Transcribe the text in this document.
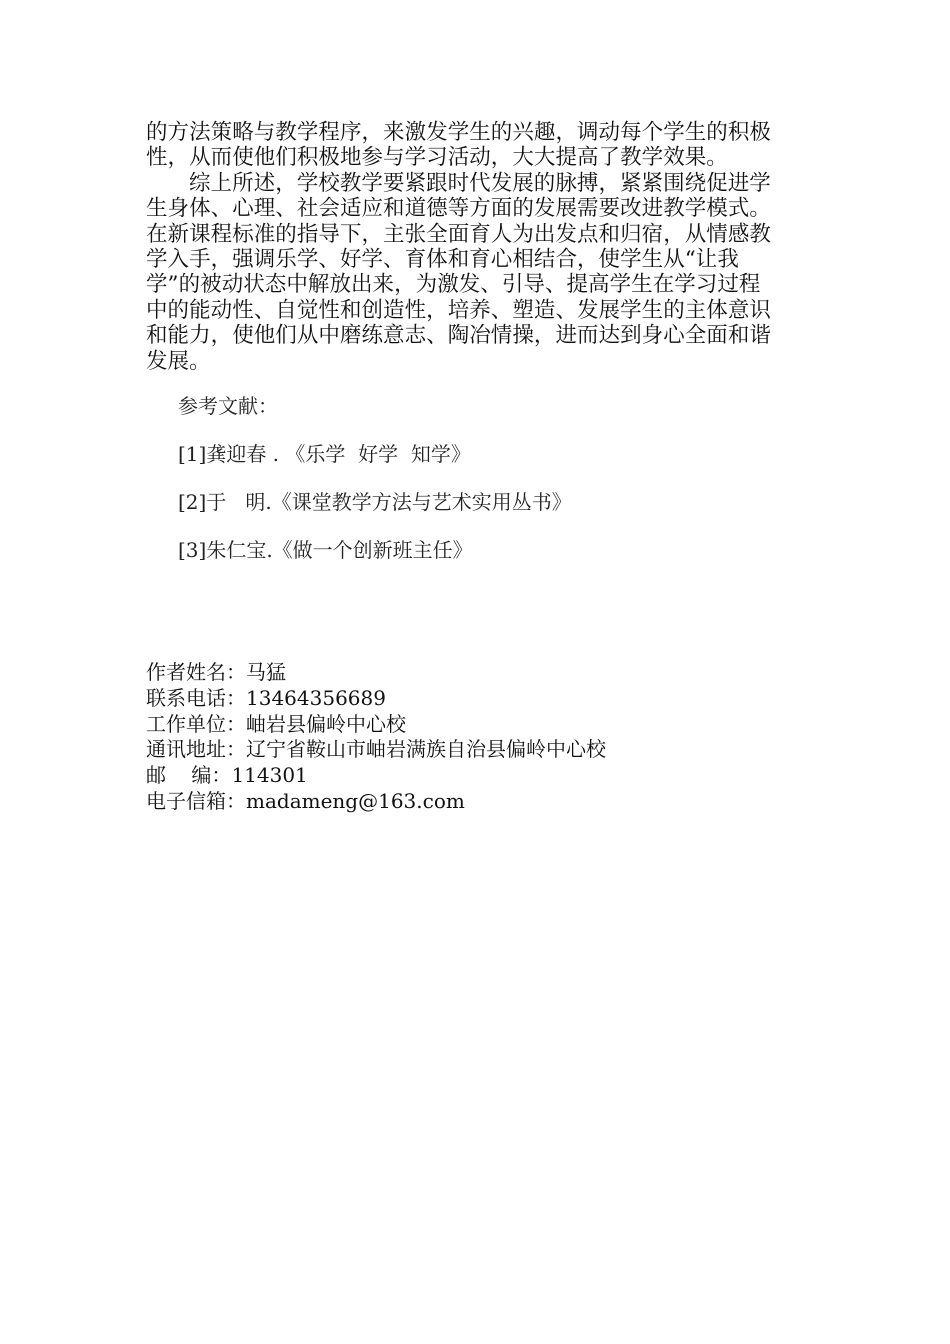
的方法策略与教学程序，来激发学生的兴趣，调动每个学生的积极
性，从而使他们积极地参与学习活动，大大提高了教学效果。

综上所述，学校教学要紧跟时代发展的脉搏，紧紧围绕促进学
生身体、心理、社会适应和道德等方面的发展需要改进教学模式。
在新课程标准的指导下，主张全面育人为出发点和归宿，从情感教
学入手，强调乐学、好学、育体和育心相结合，使学生从“让我
学”的被动状态中解放出来，为激发、引导、提高学生在学习过程
中的能动性、自觉性和创造性，培养、塑造、发展学生的主体意识
和能力，使他们从中磨练意志、陶冶情操，进而达到身心全面和谐
发展。

参考文献：
[1]龚迎春 . 《乐学  好学  知学》
[2]于   明.《课堂教学方法与艺术实用丛书》
[3]朱仁宝.《做一个创新班主任》
作者姓名：马猛
联系电话：13464356689
工作单位：岫岩县偏岭中心校
通讯地址：辽宁省鞍山市岫岩满族自治县偏岭中心校
邮    编：114301
电子信箱：madameng@163.com
